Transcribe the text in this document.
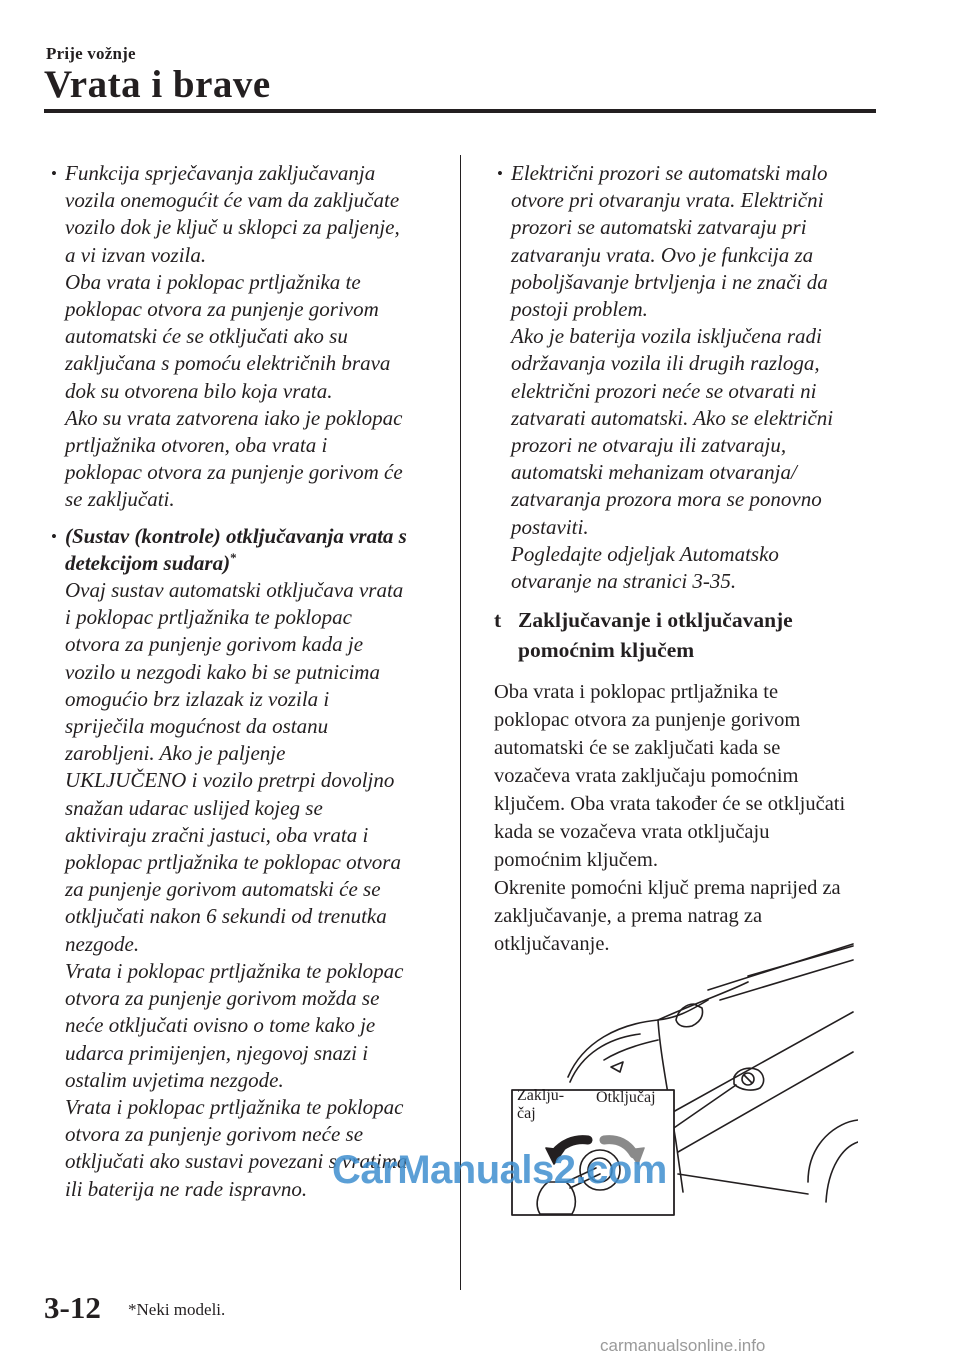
Prije vožnje
Vrata i brave
• Funkcija sprječavanja zaključavanja
vozila onemogućit će vam da zaključate
vozilo dok je ključ u sklopci za paljenje,
a vi izvan vozila.
Oba vrata i poklopac prtljažnika te
poklopac otvora za punjenje gorivom
automatski će se otključati ako su
zaključana s pomoću električnih brava
dok su otvorena bilo koja vrata.
Ako su vrata zatvorena iako je poklopac
prtljažnika otvoren, oba vrata i
poklopac otvora za punjenje gorivom će
se zaključati.
• (Sustav (kontrole) otključavanja vrata s
detekcijom sudara)*
Ovaj sustav automatski otključava vrata
i poklopac prtljažnika te poklopac
otvora za punjenje gorivom kada je
vozilo u nezgodi kako bi se putnicima
omogućio brz izlazak iz vozila i
spriječila mogućnost da ostanu
zarobljeni. Ako je paljenje
UKLJUČENO i vozilo pretrpi dovoljno
snažan udarac uslijed kojeg se
aktiviraju zračni jastuci, oba vrata i
poklopac prtljažnika te poklopac otvora
za punjenje gorivom automatski će se
otključati nakon 6 sekundi od trenutka
nezgode.
Vrata i poklopac prtljažnika te poklopac
otvora za punjenje gorivom možda se
neće otključati ovisno o tome kako je
udarca primijenjen, njegovoj snazi i
ostalim uvjetima nezgode.
Vrata i poklopac prtljažnika te poklopac
otvora za punjenje gorivom neće se
otključati ako sustavi povezani s vratima
ili baterija ne rade ispravno.
• Električni prozori se automatski malo
otvore pri otvaranju vrata. Električni
prozori se automatski zatvaraju pri
zatvaranju vrata. Ovo je funkcija za
poboljšavanje brtvljenja i ne znači da
postoji problem.
Ako je baterija vozila isključena radi
održavanja vozila ili drugih razloga,
električni prozori neće se otvarati ni
zatvarati automatski. Ako se električni
prozori ne otvaraju ili zatvaraju,
automatski mehanizam otvaranja/
zatvaranja prozora mora se ponovno
postaviti.
Pogledajte odjeljak Automatsko
otvaranje na stranici 3-35.
t Zaključavanje i otključavanje
pomoćnim ključem
Oba vrata i poklopac prtljažnika te
poklopac otvora za punjenje gorivom
automatski će se zaključati kada se
vozačeva vrata zaključaju pomoćnim
ključem. Oba vrata također će se otključati
kada se vozačeva vrata otključaju
pomoćnim ključem.
Okrenite pomoćni ključ prema naprijed za
zaključavanje, a prema natrag za
otključavanje.
Zaklju-
čaj
Otključaj
CarManuals2.com
3-12 *Neki modeli.
carmanualsonline.info
